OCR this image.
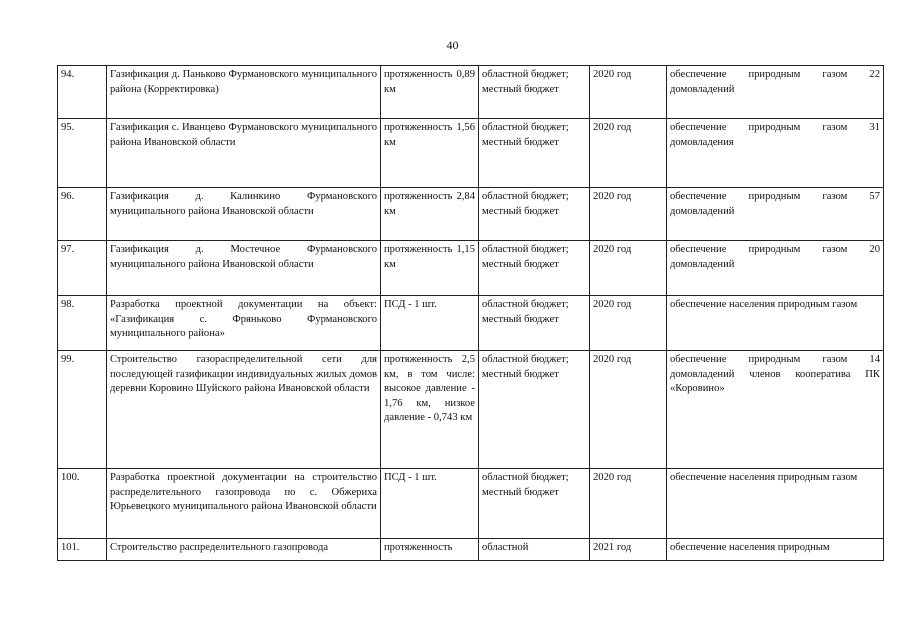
40
94.	Газификация д. Паньково Фурмановского муниципального района (Корректировка)	протяженность 0,89 км	областной бюджет; местный бюджет	2020 год	обеспечение природным газом 22 домовладений
95.	Газификация с. Иванцево Фурмановского муниципального района Ивановской области	протяженность 1,56 км	областной бюджет; местный бюджет	2020 год	обеспечение природным газом 31 домовладения
96.	Газификация д. Калинкино Фурмановского муниципального района Ивановской области	протяженность 2,84 км	областной бюджет; местный бюджет	2020 год	обеспечение природным газом 57 домовладений
97.	Газификация д. Мостечное Фурмановского муниципального района Ивановской области	протяженность 1,15 км	областной бюджет; местный бюджет	2020 год	обеспечение природным газом 20 домовладений
98.	Разработка проектной документации на объект: «Газификация с. Фряньково Фурмановского муниципального района»	ПСД - 1 шт.	областной бюджет; местный бюджет	2020 год	обеспечение населения природным газом
99.	Строительство газораспределительной сети для последующей газификации индивидуальных жилых домов деревни Коровино Шуйского района Ивановской области	протяженность 2,5 км, в том числе: высокое давление - 1,76 км, низкое давление - 0,743 км	областной бюджет; местный бюджет	2020 год	обеспечение природным газом 14 домовладений членов кооператива ПК «Коровино»
100.	Разработка проектной документации на строительство распределительного газопровода по с. Обжериха Юрьевецкого муниципального района Ивановской области	ПСД - 1 шт.	областной бюджет; местный бюджет	2020 год	обеспечение населения природным газом
101.	Строительство распределительного газопровода	протяженность	областной	2021 год	обеспечение населения природным
